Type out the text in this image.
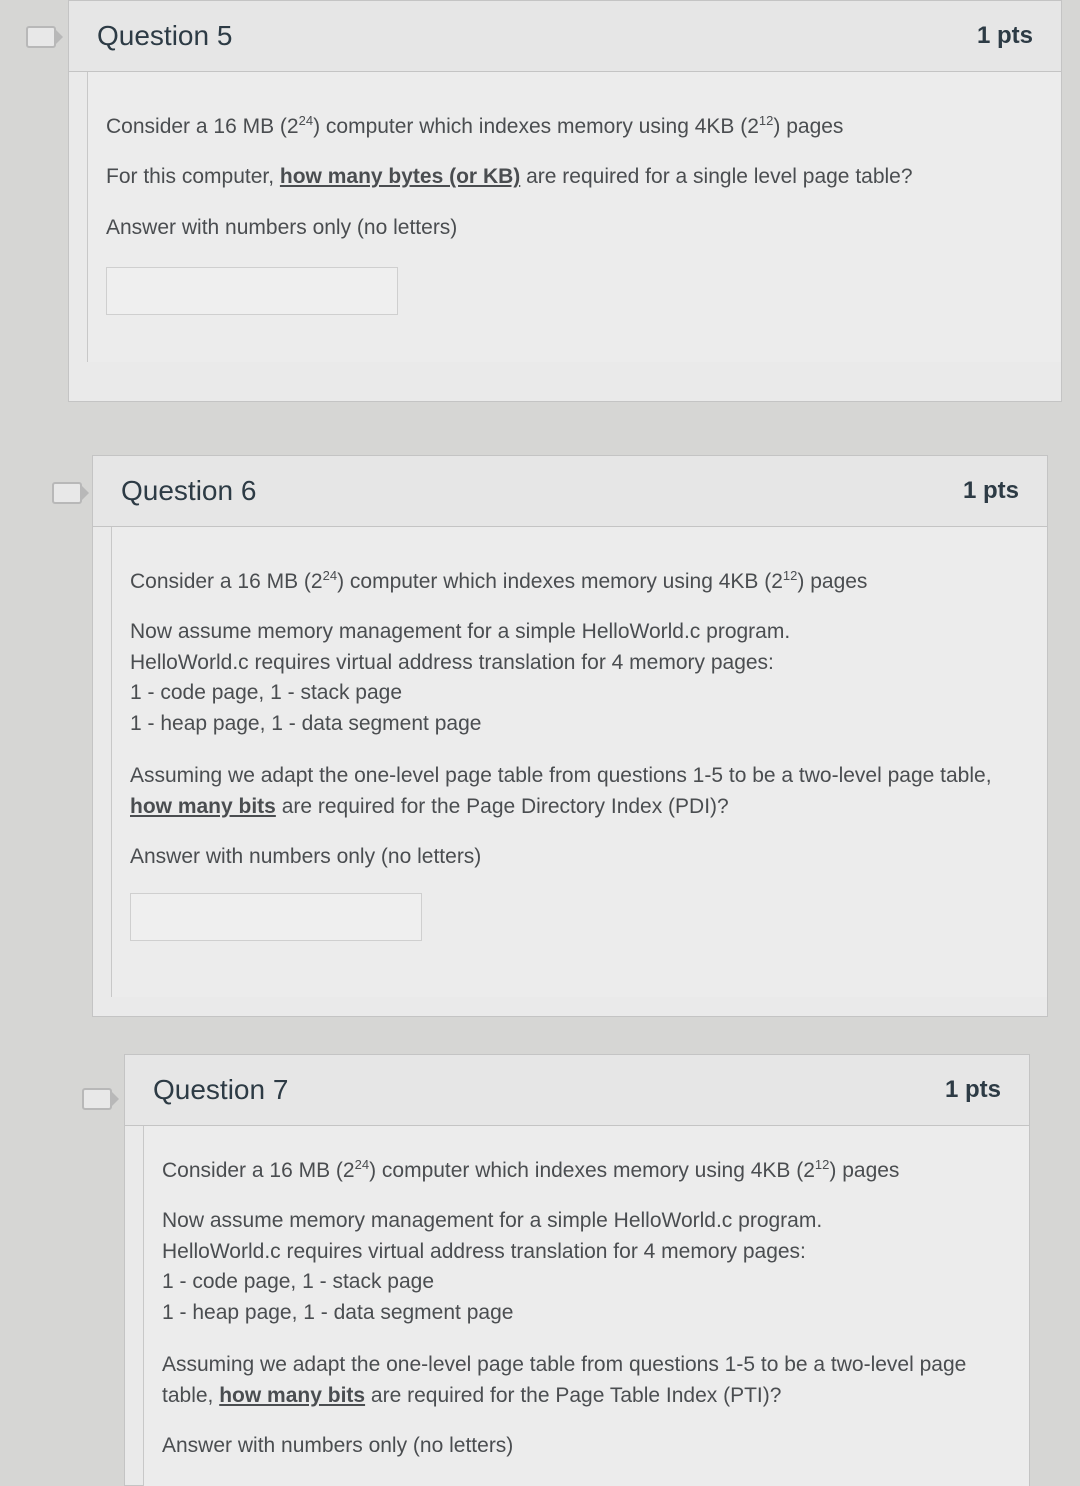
Question 5	1 pts

Consider a 16 MB $(2^{24})$ computer which indexes memory using 4KB $(2^{12})$ pages

For this computer, how many bytes (or KB) are required for a single level page table?

Answer with numbers only (no letters)

Question 6	1 pts

Consider a 16 MB $(2^{24})$ computer which indexes memory using 4KB $(2^{12})$ pages

Now assume memory management for a simple HelloWorld.c program.

HelloWorld.c requires virtual address translation for 4 memory pages:

1 - code page, 1 - stack page

1 - heap page, 1 - data segment page

Assuming we adapt the one-level page table from questions 1-5 to be a two-level page table, how many bits are required for the Page Directory Index (PDI)?

Answer with numbers only (no letters)

Question 7	1 pts

Consider a 16 MB $(2^{24})$ computer which indexes memory using 4KB $(2^{12})$ pages

Now assume memory management for a simple HelloWorld.c program.

HelloWorld.c requires virtual address translation for 4 memory pages:

1 - code page, 1 - stack page

1 - heap page, 1 - data segment page

Assuming we adapt the one-level page table from questions 1-5 to be a two-level page table, how many bits are required for the Page Table Index (PTI)?

Answer with numbers only (no letters)
